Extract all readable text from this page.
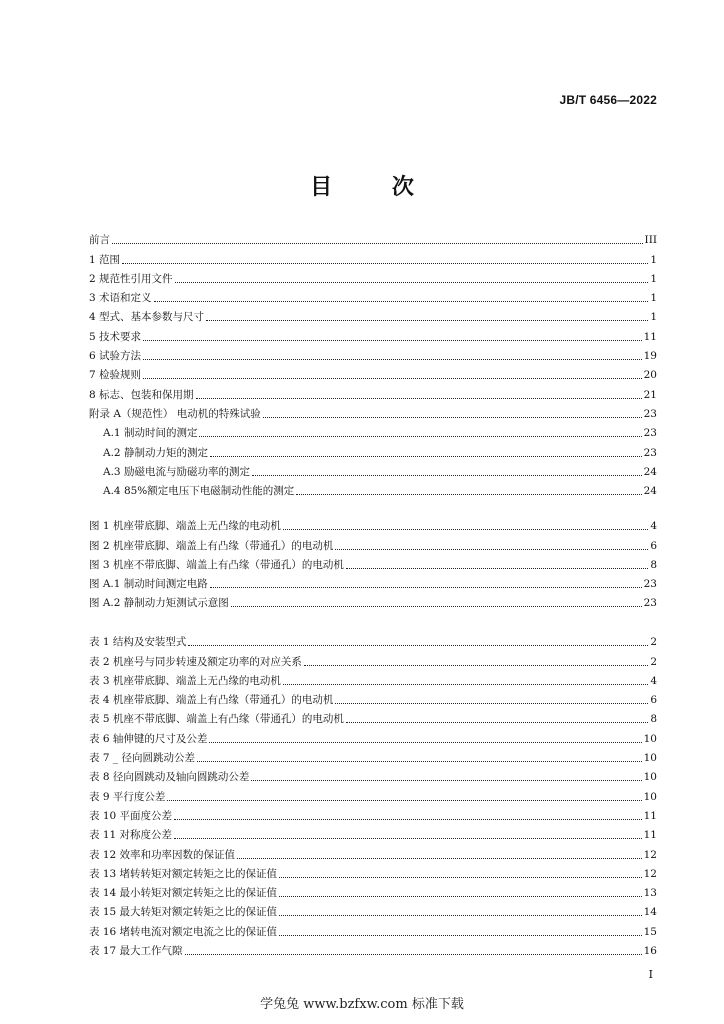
JB/T 6456—2022
目 次
前言	III
1 范围	1
2 规范性引用文件	1
3 术语和定义	1
4 型式、基本参数与尺寸	1
5 技术要求	11
6 试验方法	19
7 检验规则	20
8 标志、包装和保用期	21
附录 A（规范性） 电动机的特殊试验	23
A.1 制动时间的测定	23
A.2 静制动力矩的测定	23
A.3 励磁电流与励磁功率的测定	24
A.4 85%额定电压下电磁制动性能的测定	24
图 1 机座带底脚、端盖上无凸缘的电动机	4
图 2 机座带底脚、端盖上有凸缘（带通孔）的电动机	6
图 3 机座不带底脚、端盖上有凸缘（带通孔）的电动机	8
图 A.1 制动时间测定电路	23
图 A.2 静制动力矩测试示意图	23
表 1 结构及安装型式	2
表 2 机座号与同步转速及额定功率的对应关系	2
表 3 机座带底脚、端盖上无凸缘的电动机	4
表 4 机座带底脚、端盖上有凸缘（带通孔）的电动机	6
表 5 机座不带底脚、端盖上有凸缘（带通孔）的电动机	8
表 6 轴伸键的尺寸及公差	10
表 7 _ 径向圆跳动公差	10
表 8 径向圆跳动及轴向圆跳动公差	10
表 9 平行度公差	10
表 10 平面度公差	11
表 11 对称度公差	11
表 12 效率和功率因数的保证值	12
表 13 堵转转矩对额定转矩之比的保证值	12
表 14 最小转矩对额定转矩之比的保证值	13
表 15 最大转矩对额定转矩之比的保证值	14
表 16 堵转电流对额定电流之比的保证值	15
表 17 最大工作气隙	16
I
学兔兔 www.bzfxw.com 标准下载
